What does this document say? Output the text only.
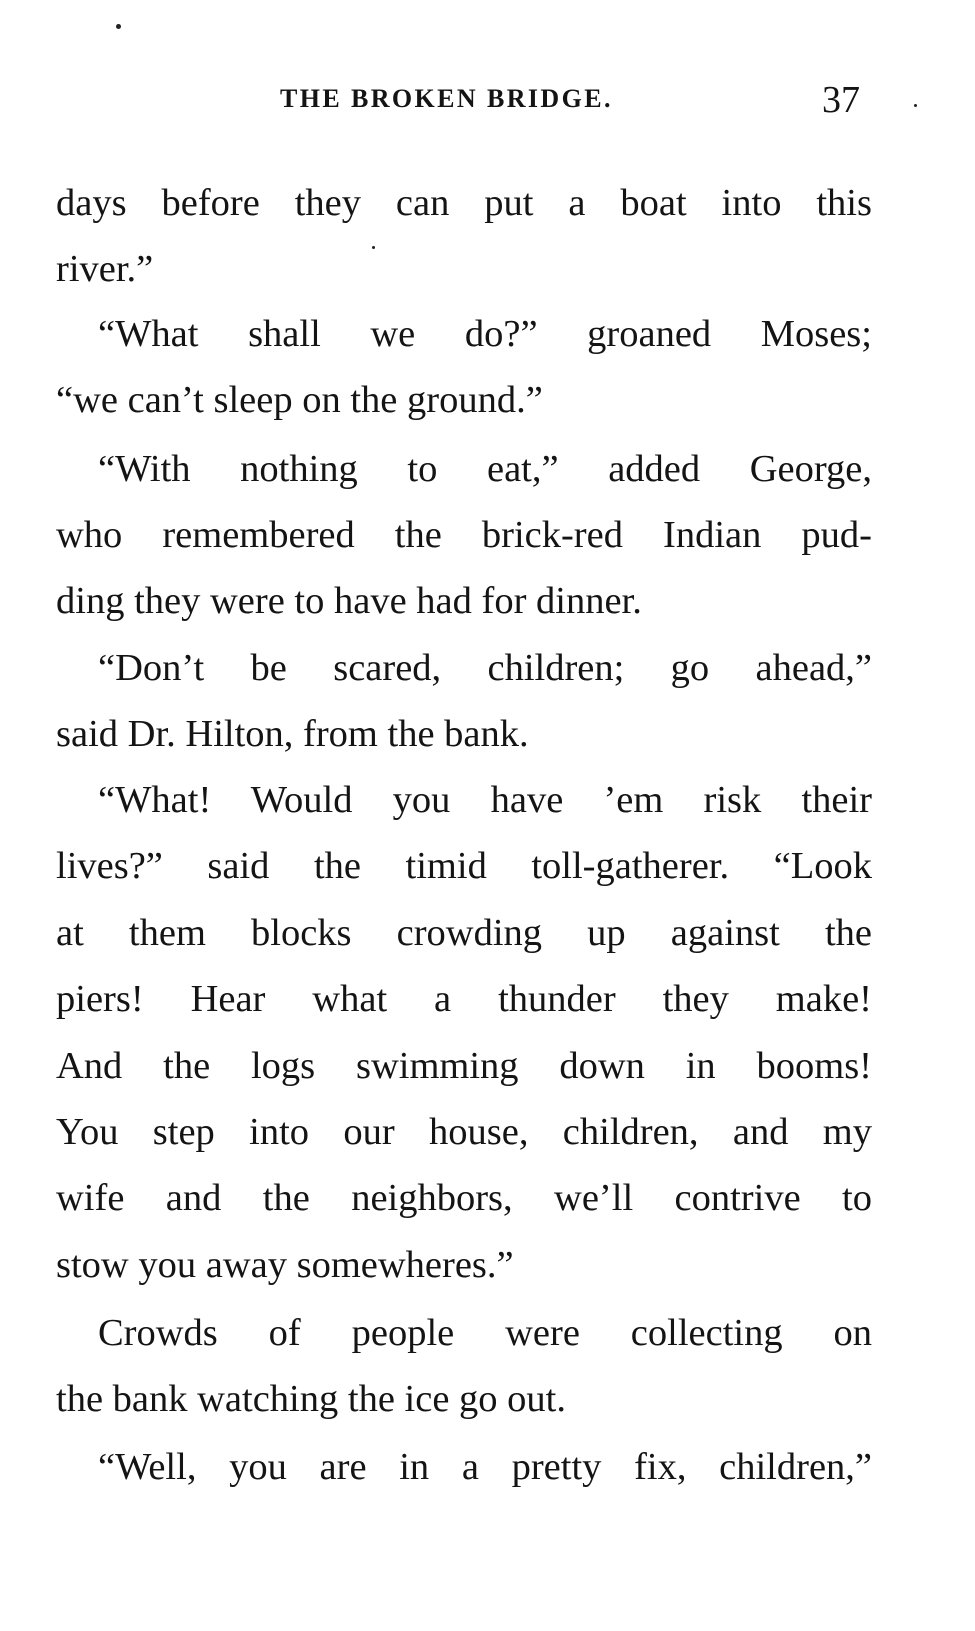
THE BROKEN BRIDGE.	37
days before they can put a boat into this
river.”
“What shall we do?” groaned Moses;
“we can’t sleep on the ground.”
“With nothing to eat,” added George,
who remembered the brick-red Indian pud-
ding they were to have had for dinner.
“Don’t be scared, children; go ahead,”
said Dr. Hilton, from the bank.
“What! Would you have ’em risk their
lives?” said the timid toll-gatherer. “Look
at them blocks crowding up against the
piers! Hear what a thunder they make!
And the logs swimming down in booms!
You step into our house, children, and my
wife and the neighbors, we’ll contrive to
stow you away somewheres.”
Crowds of people were collecting on
the bank watching the ice go out.
“Well, you are in a pretty fix, children,”
